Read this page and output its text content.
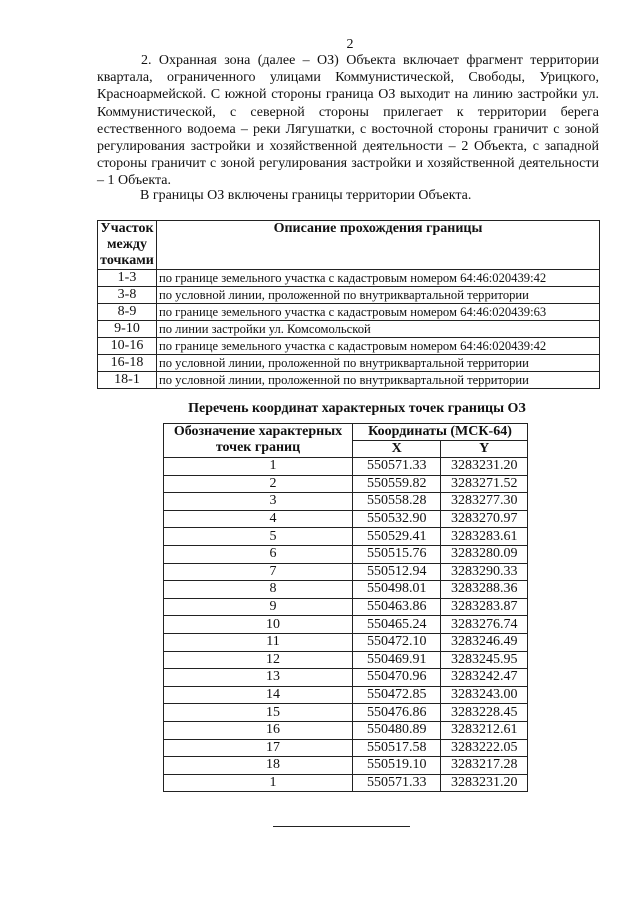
2

2. Охранная зона (далее – ОЗ) Объекта включает фрагмент территории квартала, ограниченного улицами Коммунистической, Свободы, Урицкого, Красноармейской. С южной стороны граница ОЗ выходит на линию застройки ул. Коммунистической, с северной стороны прилегает к территории берега естественного водоема – реки Лягушатки, с восточной стороны граничит с зоной регулирования застройки и хозяйственной деятельности – 2 Объекта, с западной стороны граничит с зоной регулирования застройки и хозяйственной деятельности – 1 Объекта.

В границы ОЗ включены границы территории Объекта.

Участок между точками	Описание прохождения границы
1-3	по границе земельного участка с кадастровым номером 64:46:020439:42
3-8	по условной линии, проложенной по внутриквартальной территории
8-9	по границе земельного участка с кадастровым номером 64:46:020439:63
9-10	по линии застройки ул. Комсомольской
10-16	по границе земельного участка с кадастровым номером 64:46:020439:42
16-18	по условной линии, проложенной по внутриквартальной территории
18-1	по условной линии, проложенной по внутриквартальной территории
Перечень координат характерных точек границы ОЗ
Обозначение характерных точек границ	Координаты (МСК-64)	
	X	Y
1	550571.33	3283231.20
2	550559.82	3283271.52
3	550558.28	3283277.30
4	550532.90	3283270.97
5	550529.41	3283283.61
6	550515.76	3283280.09
7	550512.94	3283290.33
8	550498.01	3283288.36
9	550463.86	3283283.87
10	550465.24	3283276.74
11	550472.10	3283246.49
12	550469.91	3283245.95
13	550470.96	3283242.47
14	550472.85	3283243.00
15	550476.86	3283228.45
16	550480.89	3283212.61
17	550517.58	3283222.05
18	550519.10	3283217.28
1	550571.33	3283231.20
